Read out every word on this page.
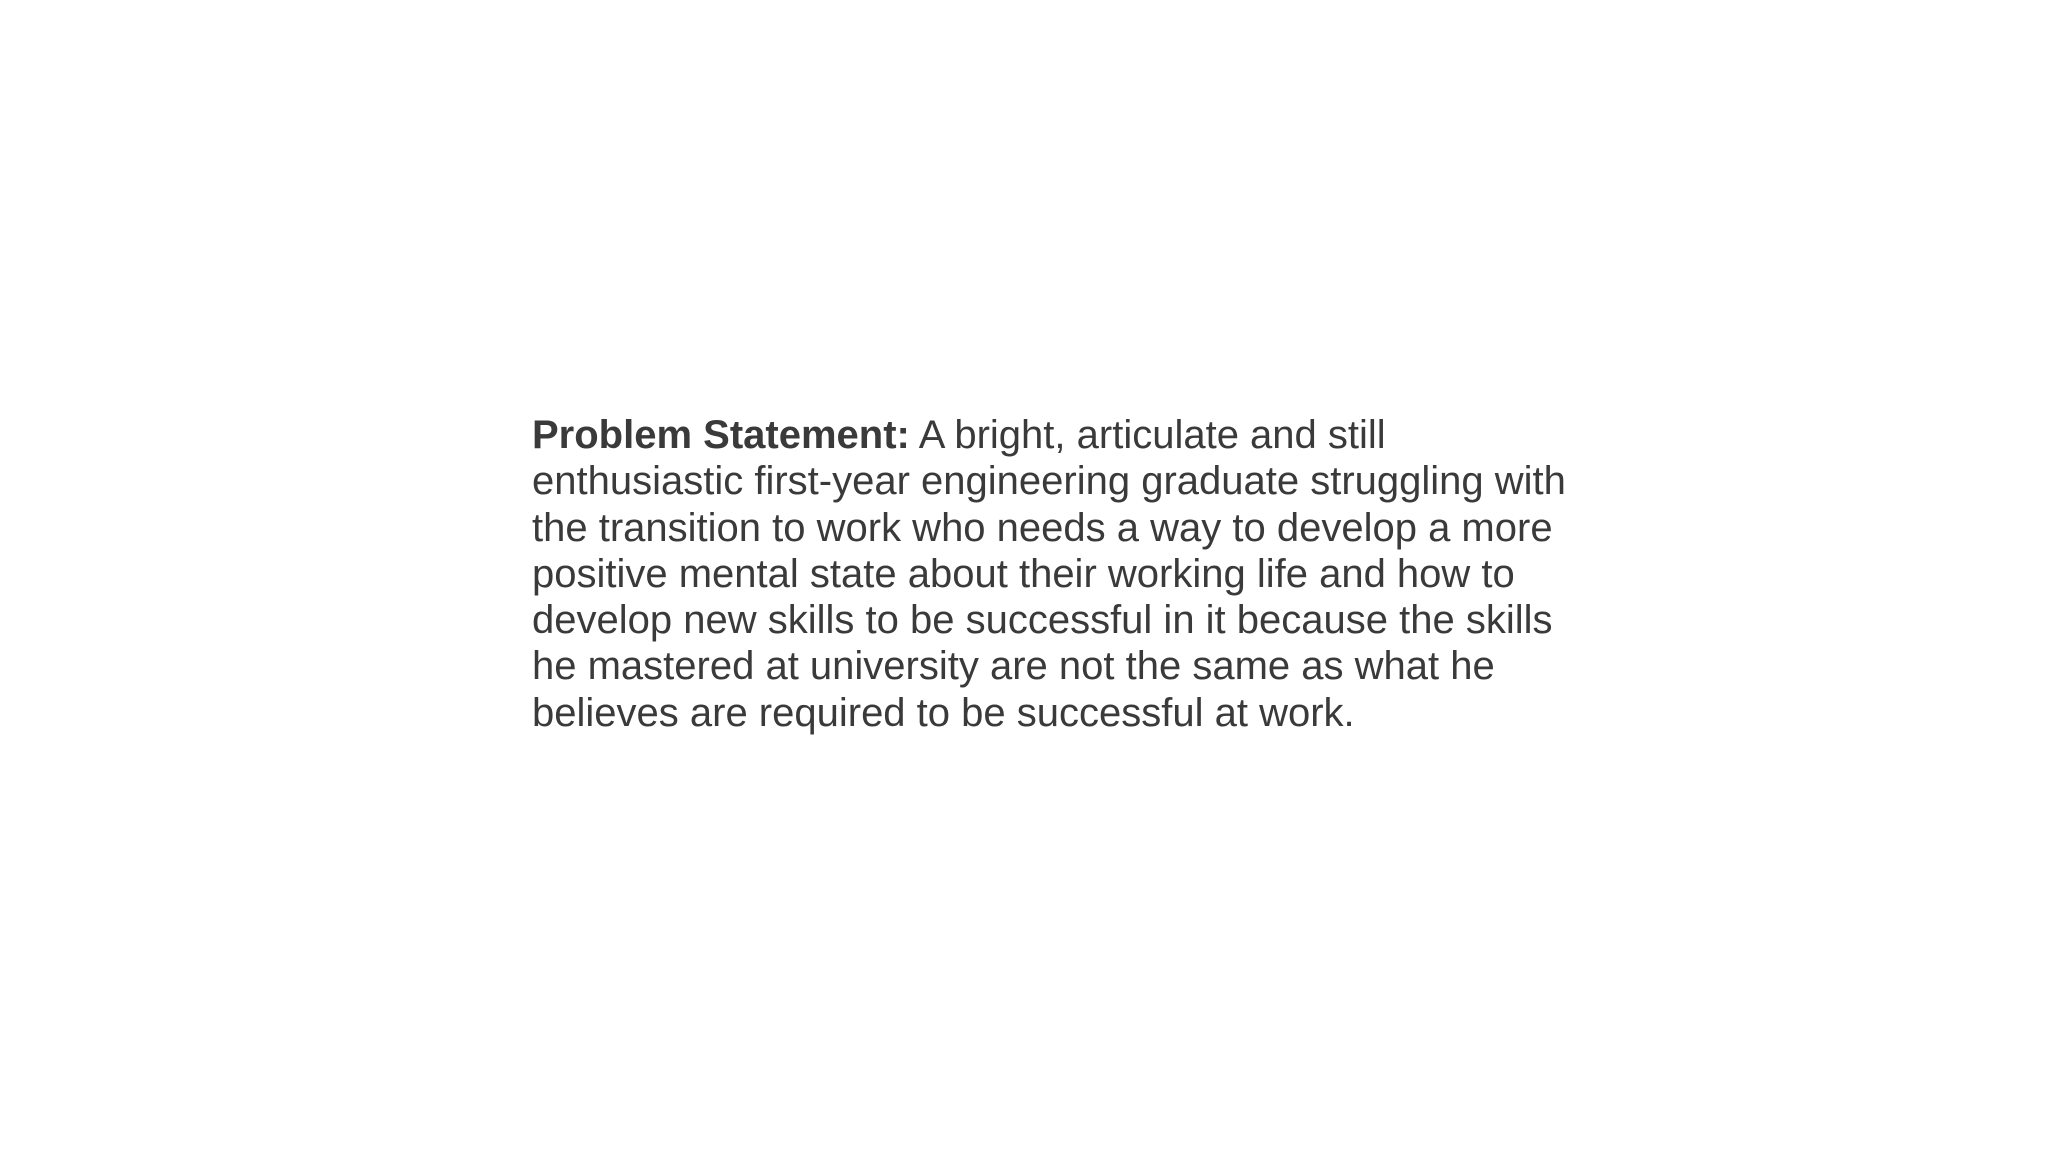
Problem Statement: A bright, articulate and still
enthusiastic first-year engineering graduate struggling with
the transition to work who needs a way to develop a more
positive mental state about their working life and how to
develop new skills to be successful in it because the skills
he mastered at university are not the same as what he
believes are required to be successful at work.
